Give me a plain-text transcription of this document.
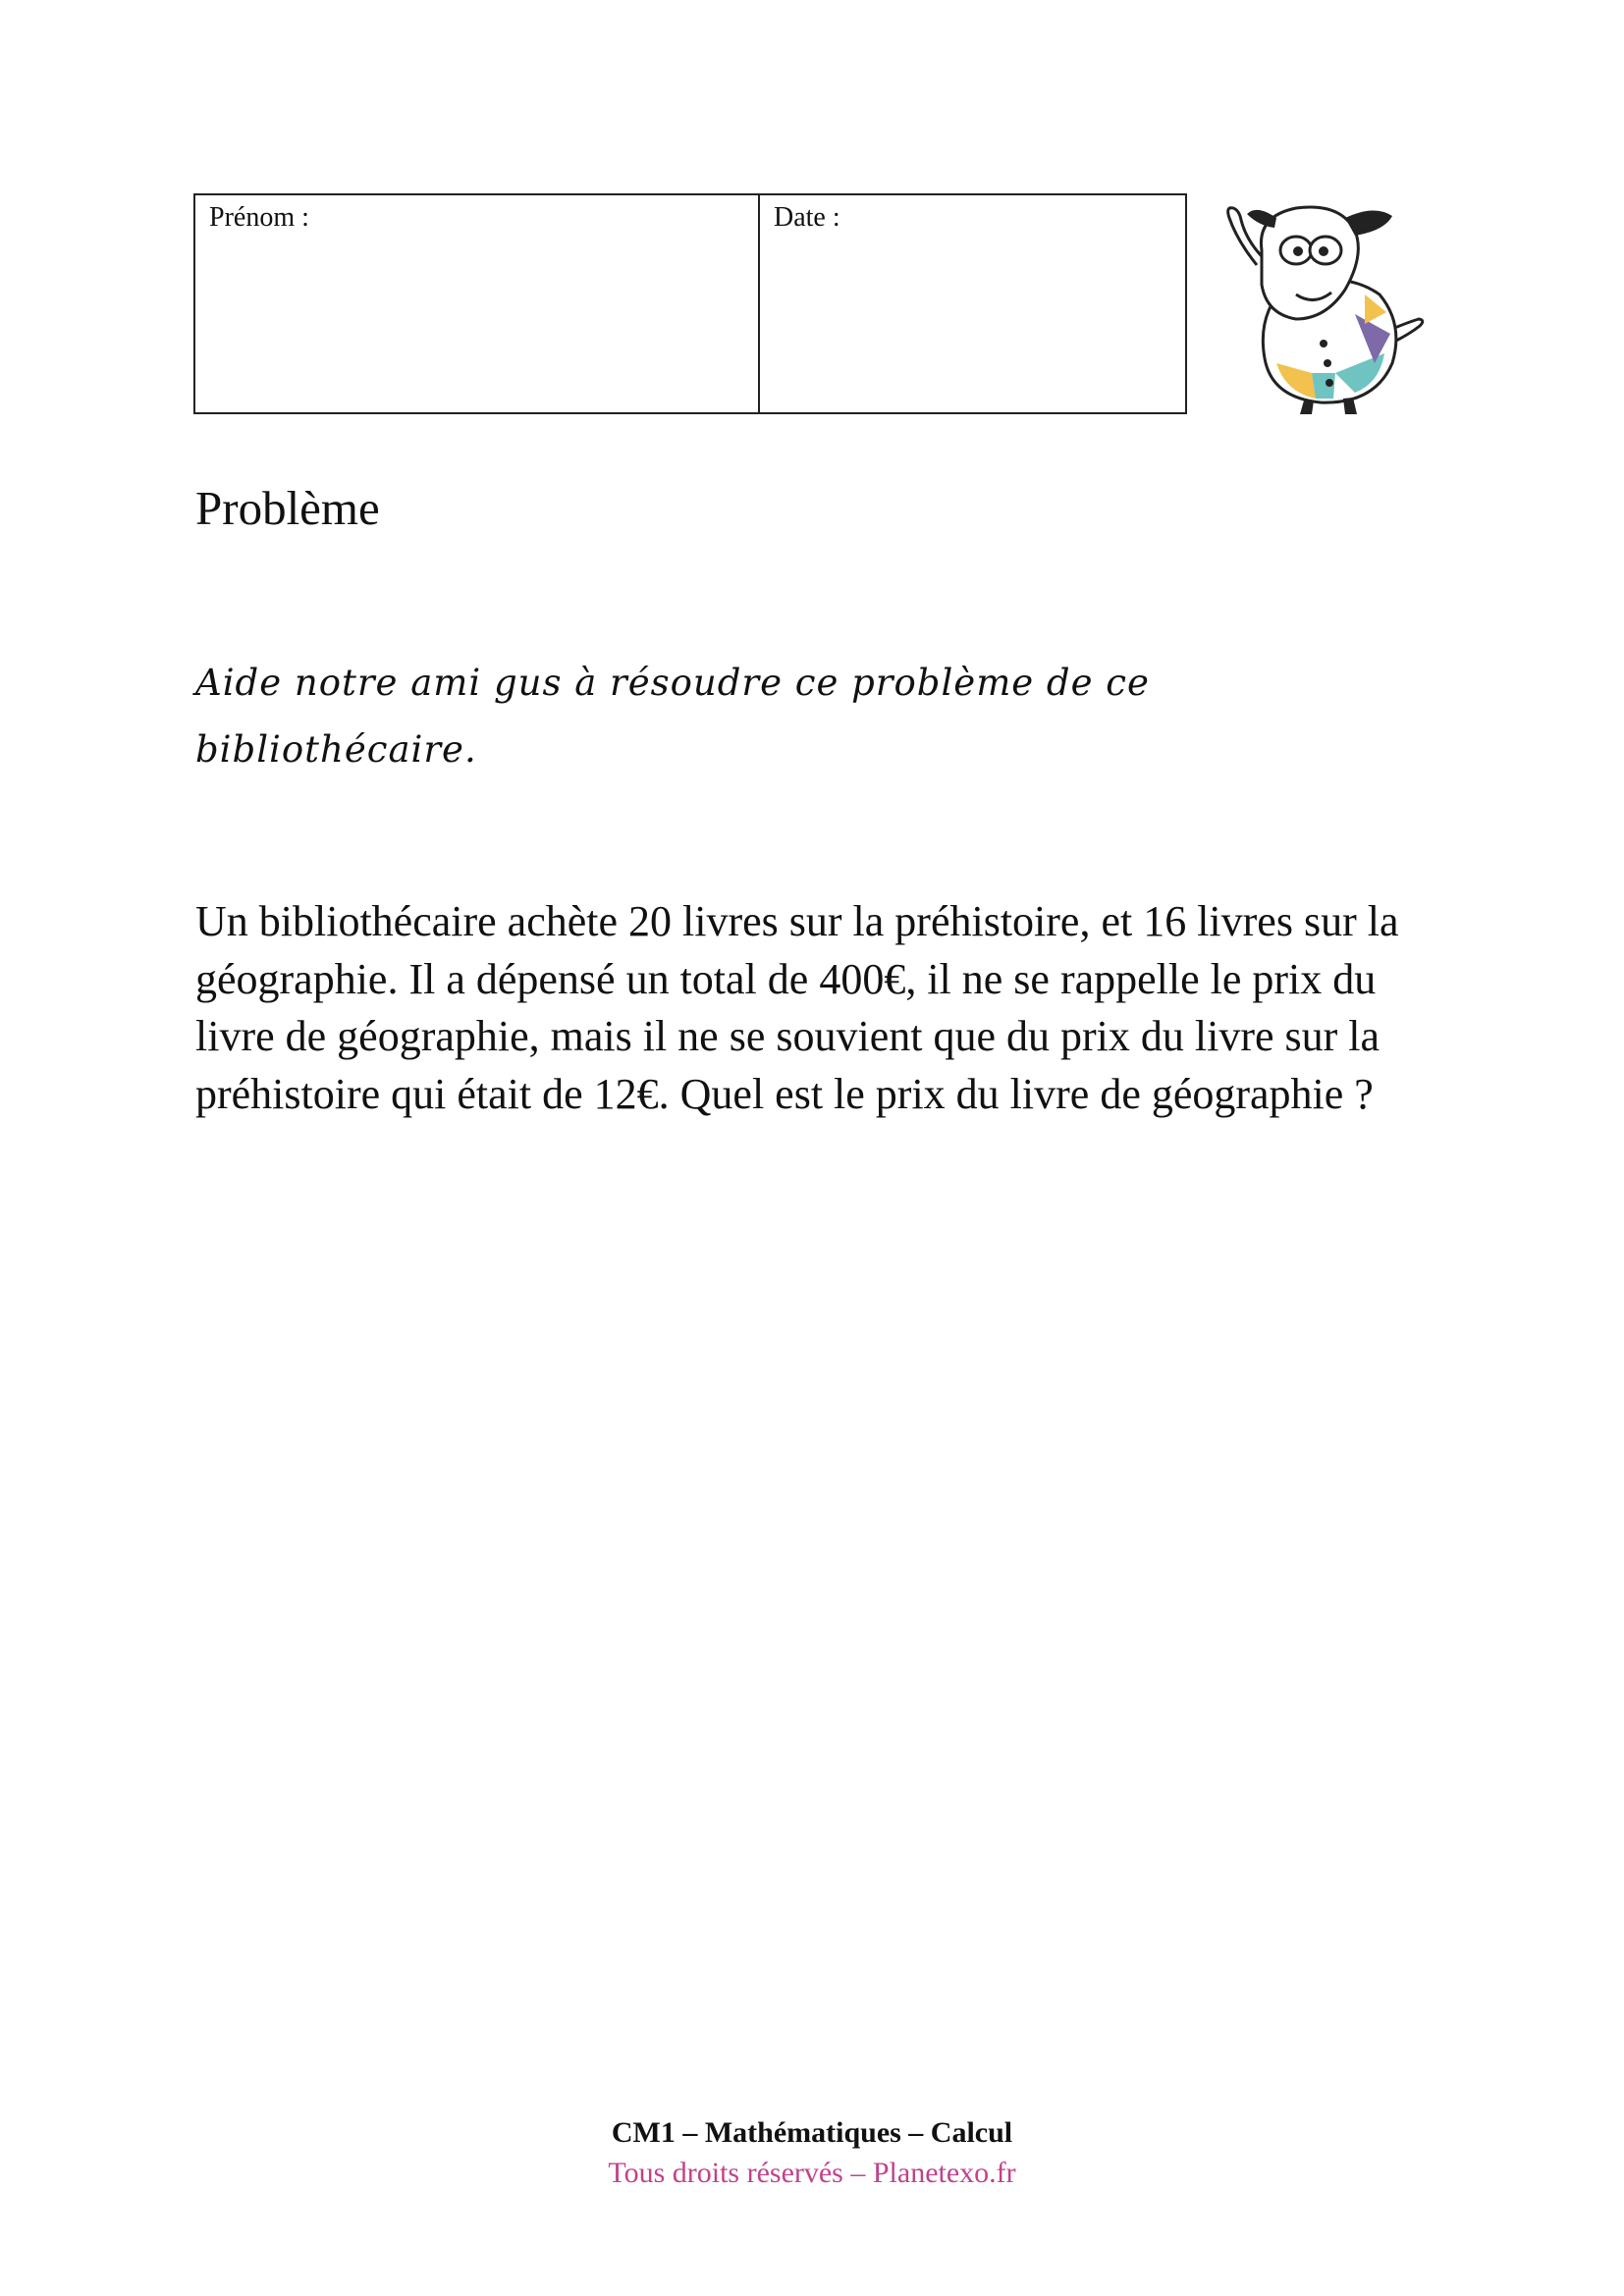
Prénom :	Date :
Problème

Aide notre ami gus à résoudre ce problème de ce bibliothécaire.

Un bibliothécaire achète 20 livres sur la préhistoire, et 16 livres sur la géographie. Il a dépensé un total de 400€, il ne se rappelle le prix du livre de géographie, mais il ne se souvient que du prix du livre sur la préhistoire qui était de 12€. Quel est le prix du livre de géographie ?

CM1 – Mathématiques – Calcul
Tous droits réservés – Planetexo.fr
